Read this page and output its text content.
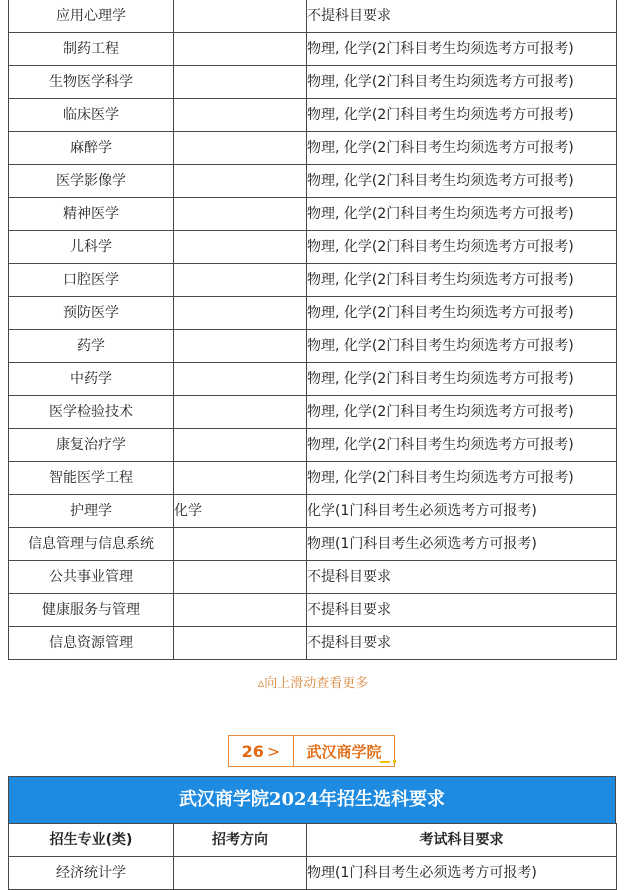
应用心理学		不提科目要求
制药工程		物理, 化学(2门科目考生均须选考方可报考)
生物医学科学		物理, 化学(2门科目考生均须选考方可报考)
临床医学		物理, 化学(2门科目考生均须选考方可报考)
麻醉学		物理, 化学(2门科目考生均须选考方可报考)
医学影像学		物理, 化学(2门科目考生均须选考方可报考)
精神医学		物理, 化学(2门科目考生均须选考方可报考)
儿科学		物理, 化学(2门科目考生均须选考方可报考)
口腔医学		物理, 化学(2门科目考生均须选考方可报考)
预防医学		物理, 化学(2门科目考生均须选考方可报考)
药学		物理, 化学(2门科目考生均须选考方可报考)
中药学		物理, 化学(2门科目考生均须选考方可报考)
医学检验技术		物理, 化学(2门科目考生均须选考方可报考)
康复治疗学		物理, 化学(2门科目考生均须选考方可报考)
智能医学工程		物理, 化学(2门科目考生均须选考方可报考)
护理学	化学	化学(1门科目考生必须选考方可报考)
信息管理与信息系统		物理(1门科目考生必须选考方可报考)
公共事业管理		不提科目要求
健康服务与管理		不提科目要求
信息资源管理		不提科目要求
▵向上滑动查看更多
26 > 武汉商学院
武汉商学院2024年招生选科要求
招生专业(类)	招考方向	考试科目要求
经济统计学		物理(1门科目考生必须选考方可报考)
